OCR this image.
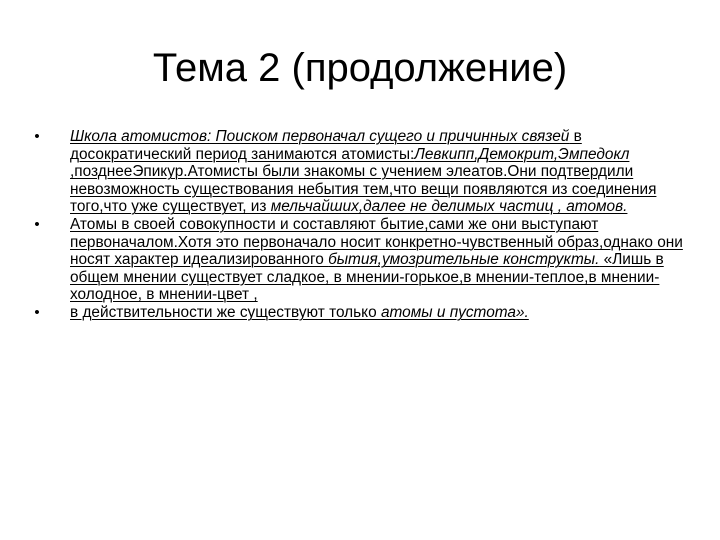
Тема 2 (продолжение)
• Школа атомистов: Поиском первоначал сущего и причинных связей в досократический период занимаются атомисты:Левкипп,Демокрит,Эмпедокл ,позднееЭпикур.Атомисты были знакомы с учением элеатов.Они подтвердили невозможность существования небытия тем,что вещи появляются из соединения того,что уже существует, из мельчайших,далее не делимых частиц , атомов.
• Атомы в своей совокупности и составляют бытие,сами же они выступают первоначалом.Хотя это первоначало носит конкретно-чувственный образ,однако они носят характер идеализированного бытия,умозрительные конструкты. «Лишь в общем мнении существует сладкое, в мнении-горькое,в мнении-теплое,в мнении-холодное, в мнении-цвет ,
• в действительности же существуют только атомы и пустота».
